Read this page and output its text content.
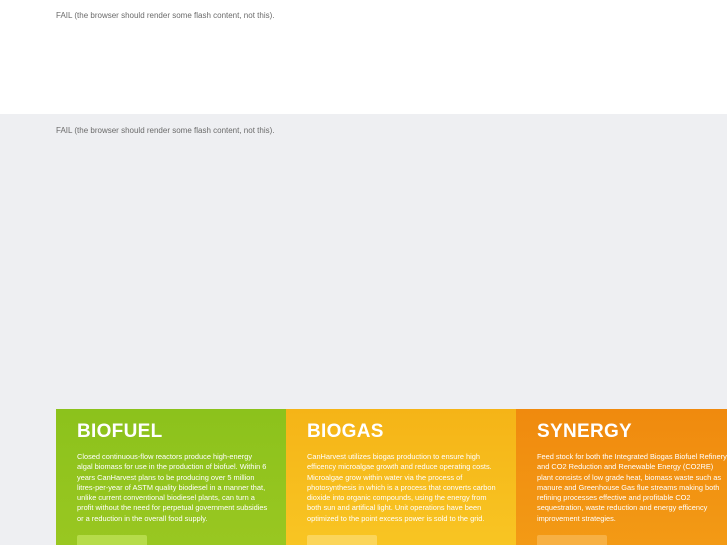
FAIL (the browser should render some flash content, not this).
FAIL (the browser should render some flash content, not this).
BIOFUEL

Closed continuous-flow reactors produce high-energy algal biomass for use in the production of biofuel. Within 6 years CanHarvest plans to be producing over 5 million litres-per-year of ASTM quality biodiesel in a manner that, unlike current conventional biodiesel plants, can turn a profit without the need for perpetual government subsidies or a reduction in the overall food supply.

BIOGAS

CanHarvest utilizes biogas production to ensure high efficency microalgae growth and reduce operating costs. Microalgae grow within water via the process of photosynthesis in which is a process that converts carbon dioxide into organic compounds, using the energy from both sun and artifical light. Unit operations have been optimized to the point excess power is sold to the grid.

SYNERGY

Feed stock for both the Integrated Biogas Biofuel Refinery and CO2 Reduction and Renewable Energy (CO2RE) plant consists of low grade heat, biomass waste such as manure and Greenhouse Gas flue streams making both refining processes effective and profitable CO2 sequestration, waste reduction and energy efficency improvement strategies.
